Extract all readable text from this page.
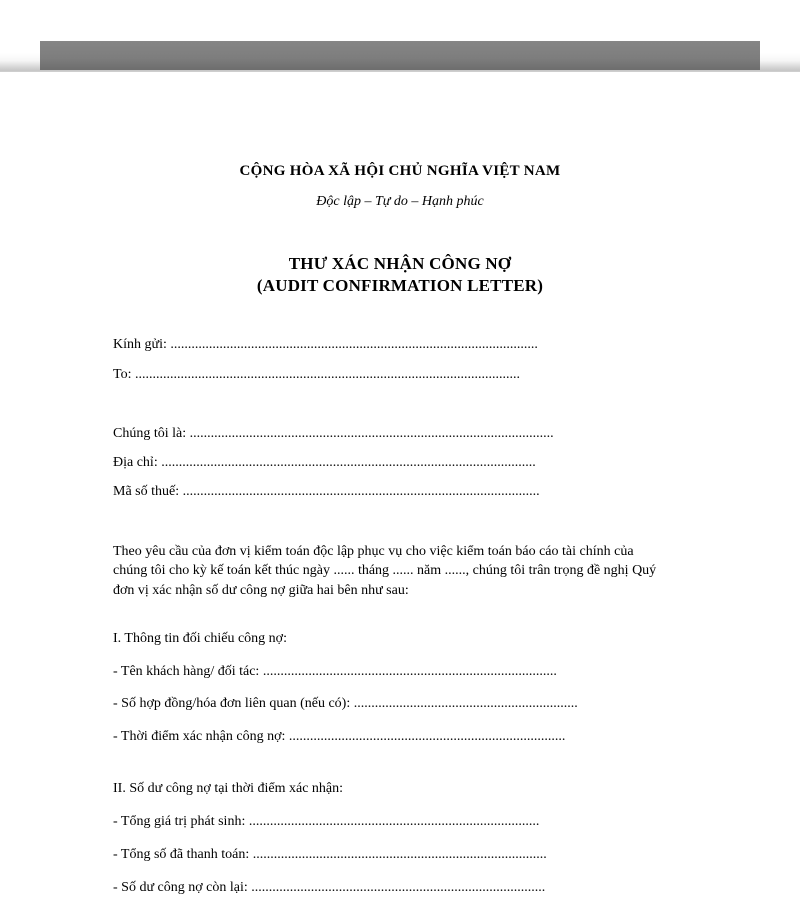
CỘNG HÒA XÃ HỘI CHỦ NGHĨA VIỆT NAM
Độc lập – Tự do – Hạnh phúc
THƯ XÁC NHẬN CÔNG NỢ
(AUDIT CONFIRMATION LETTER)
Kính gửi: .........................................................................................................
To: ..............................................................................................................
Chúng tôi là: ........................................................................................................
Địa chỉ: ...........................................................................................................
Mã số thuế: ......................................................................................................
Theo yêu cầu của đơn vị kiểm toán độc lập phục vụ cho việc kiểm toán báo cáo tài chính của
chúng tôi cho kỳ kế toán kết thúc ngày ...... tháng ...... năm ......, chúng tôi trân trọng đề nghị Quý
đơn vị xác nhận số dư công nợ giữa hai bên như sau:
I. Thông tin đối chiếu công nợ:
- Tên khách hàng/ đối tác: ....................................................................................
- Số hợp đồng/hóa đơn liên quan (nếu có): ................................................................
- Thời điểm xác nhận công nợ: ...............................................................................
II. Số dư công nợ tại thời điểm xác nhận:
- Tổng giá trị phát sinh: ...................................................................................
- Tổng số đã thanh toán: ....................................................................................
- Số dư công nợ còn lại: ....................................................................................
